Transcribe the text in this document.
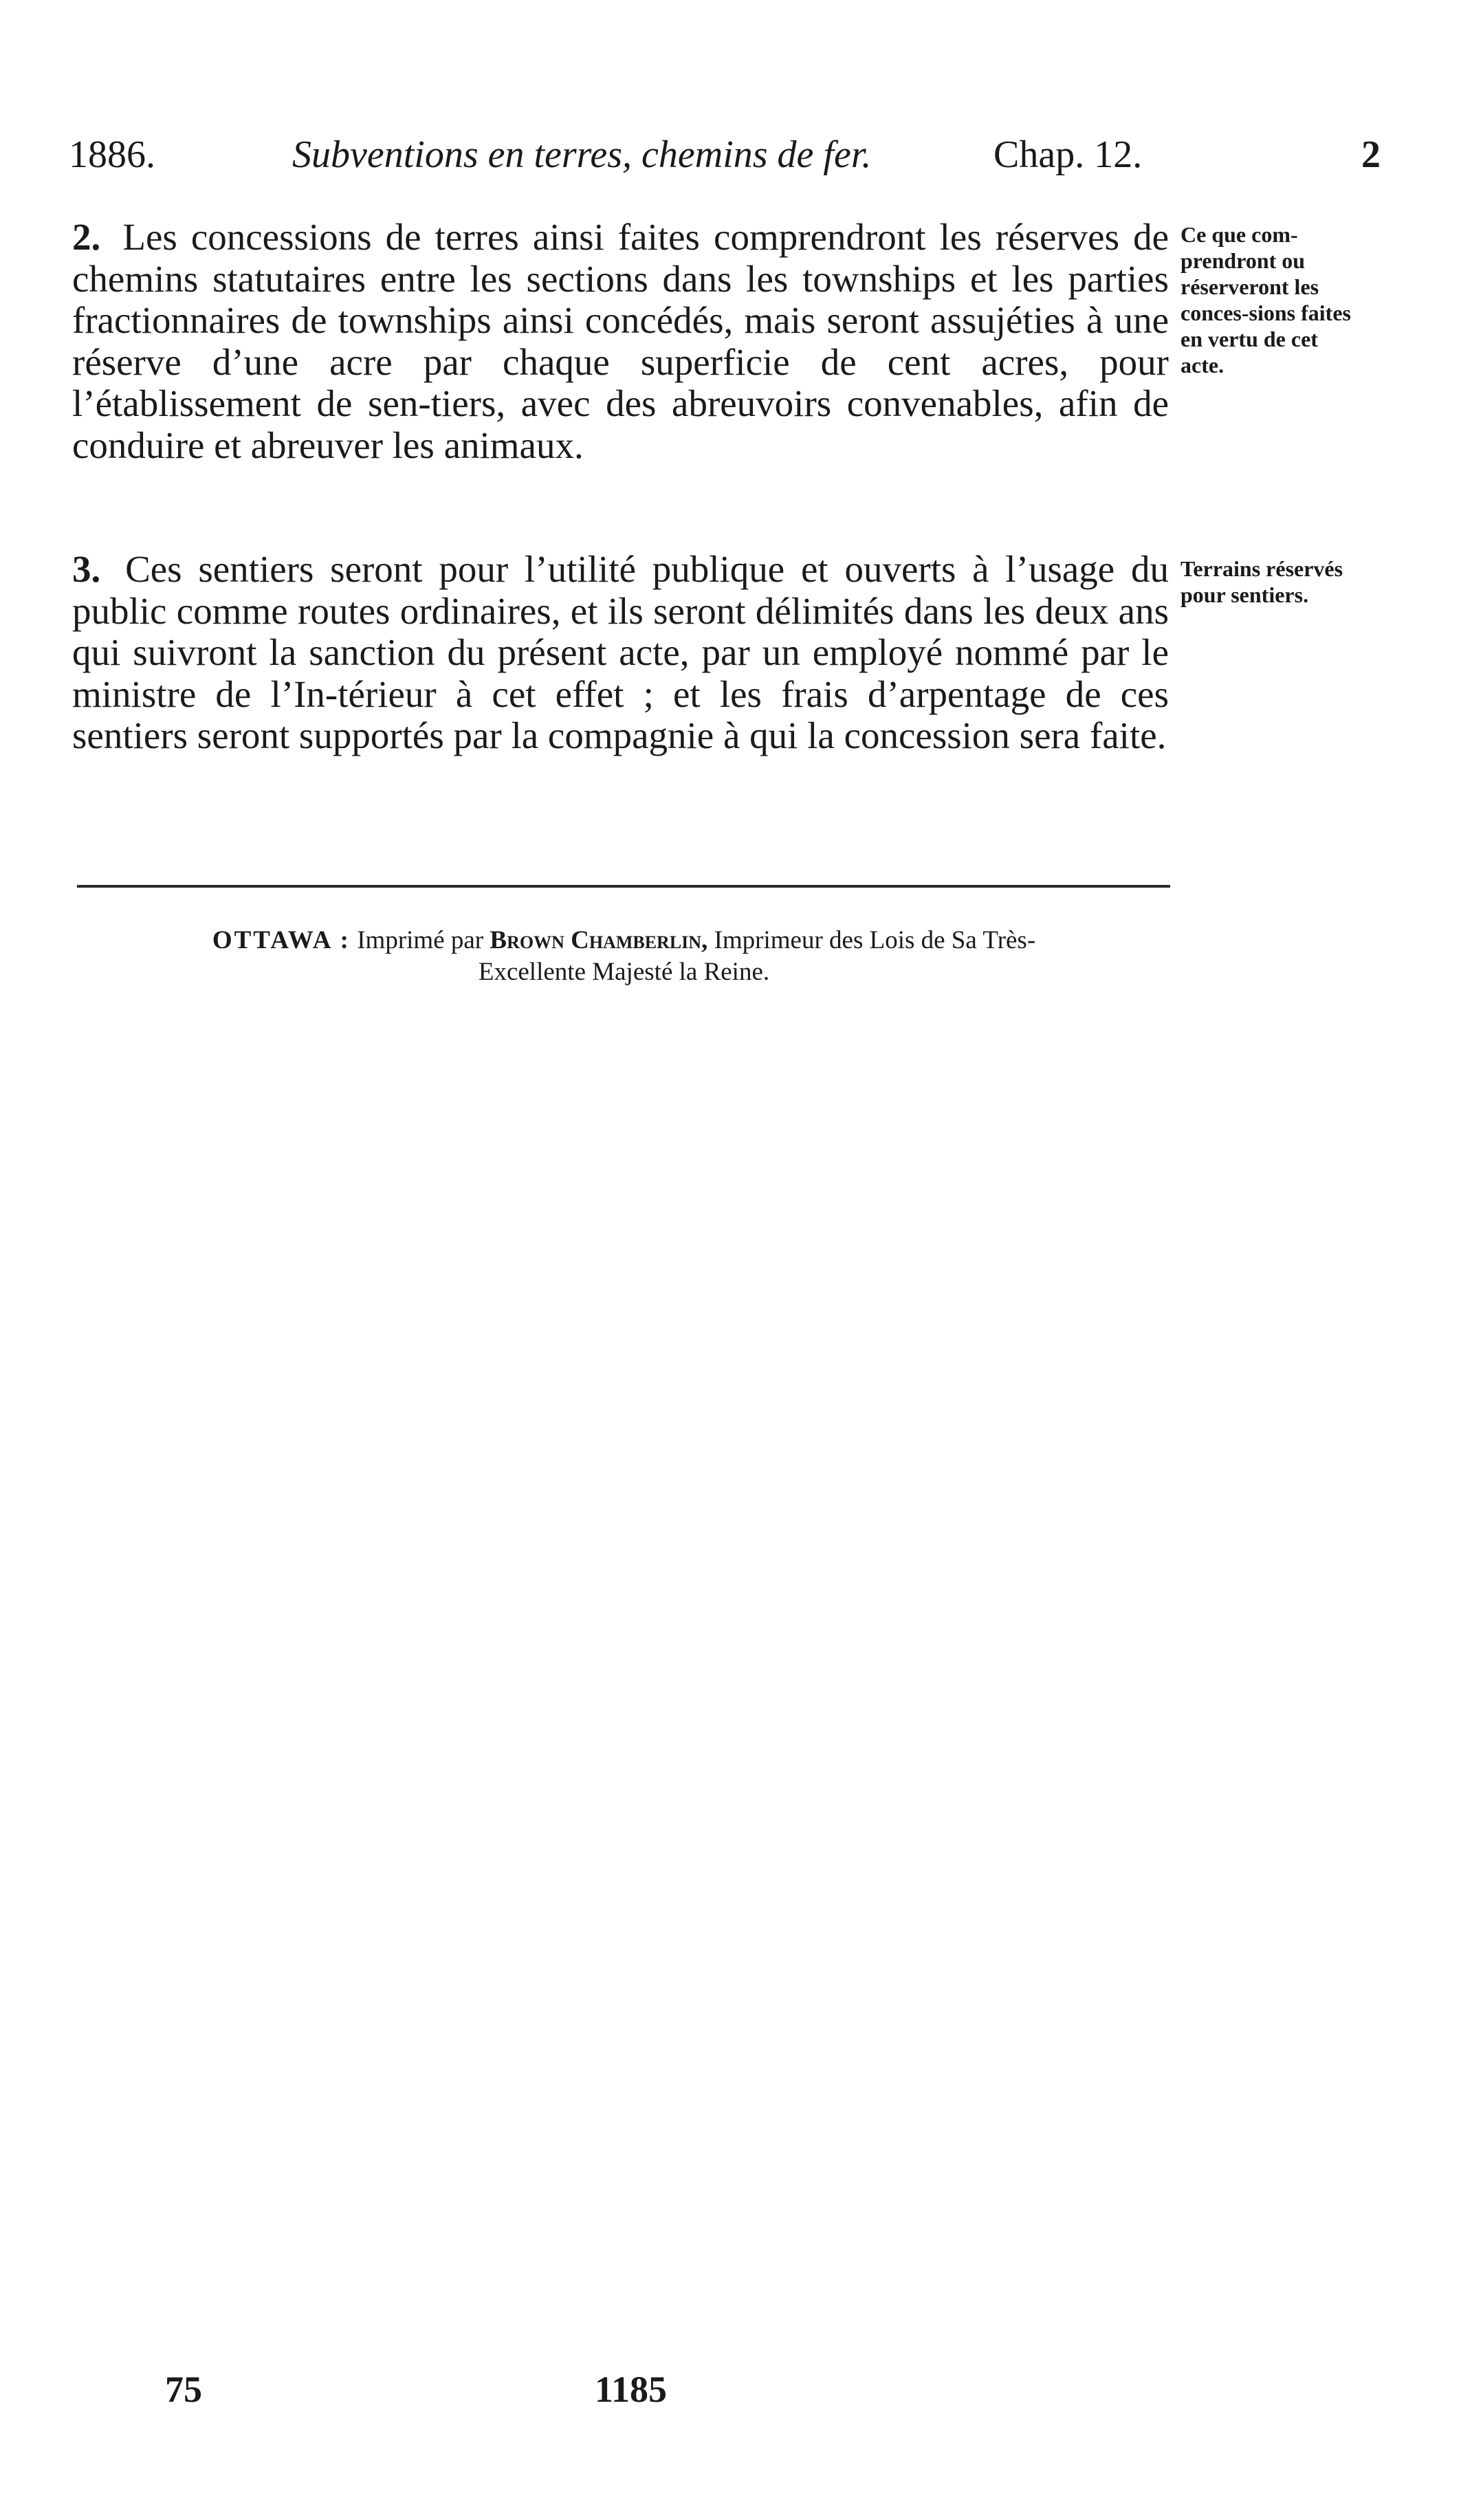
1886.	Subventions en terres, chemins de fer.	Chap. 12.	2
2. Les concessions de terres ainsi faites comprendront les réserves de chemins statutaires entre les sections dans les townships et les parties fractionnaires de townships ainsi concédés, mais seront assujéties à une réserve d’une acre par chaque superficie de cent acres, pour l’établissement de sen-tiers, avec des abreuvoirs convenables, afin de conduire et abreuver les animaux.
Ce que com-prendront ou réserveront les conces-sions faites en vertu de cet acte.
3. Ces sentiers seront pour l’utilité publique et ouverts à l’usage du public comme routes ordinaires, et ils seront délimités dans les deux ans qui suivront la sanction du présent acte, par un employé nommé par le ministre de l’In-térieur à cet effet ; et les frais d’arpentage de ces sentiers seront supportés par la compagnie à qui la concession sera faite.
Terrains réservés pour sentiers.
OTTAWA : Imprimé par Brown Chamberlin, Imprimeur des Lois de Sa Très-
Excellente Majesté la Reine.
75	1185
